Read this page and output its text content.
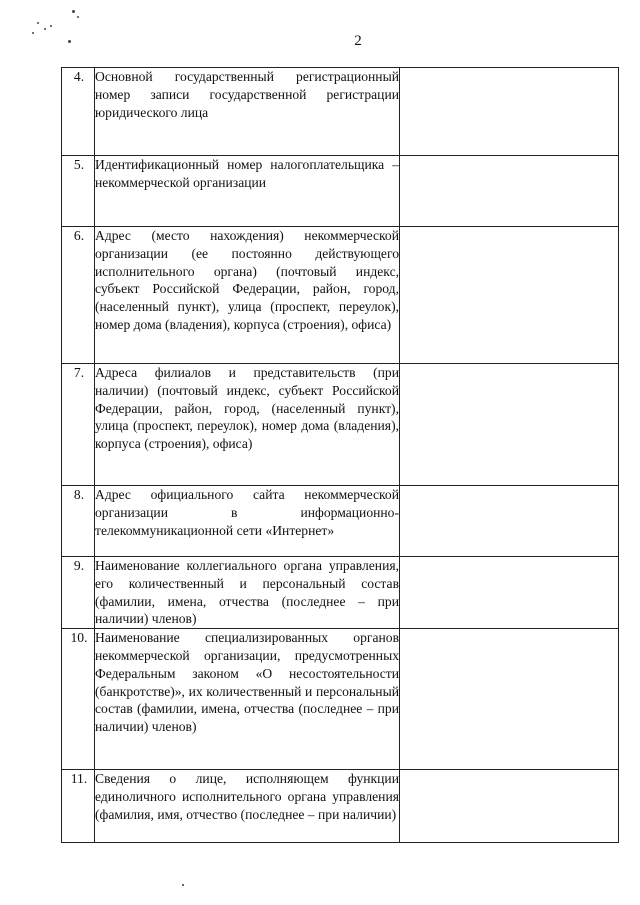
2
4.	Основной государственный регистрационный номер записи государственной регистрации юридического лица	
5.	Идентификационный номер налогоплательщика – некоммерческой организации	
6.	Адрес (место нахождения) некоммерческой организации (ее постоянно действующего исполнительного органа) (почтовый индекс, субъект Российской Федерации, район, город, (населенный пункт), улица (проспект, переулок), номер дома (владения), корпуса (строения), офиса)	
7.	Адреса филиалов и представительств (при наличии) (почтовый индекс, субъект Российской Федерации, район, город, (населенный пункт), улица (проспект, переулок), номер дома (владения), корпуса (строения), офиса)	
8.	Адрес официального сайта некоммерческой организации в информационно-телекоммуникационной сети «Интернет»	
9.	Наименование коллегиального органа управления, его количественный и персональный состав (фамилии, имена, отчества (последнее – при наличии) членов)	
10.	Наименование специализированных органов некоммерческой организации, предусмотренных Федеральным законом «О несостоятельности (банкротстве)», их количественный и персональный состав (фамилии, имена, отчества (последнее – при наличии) членов)	
11.	Сведения о лице, исполняющем функции единоличного исполнительного органа управления (фамилия, имя, отчество (последнее – при наличии)	
